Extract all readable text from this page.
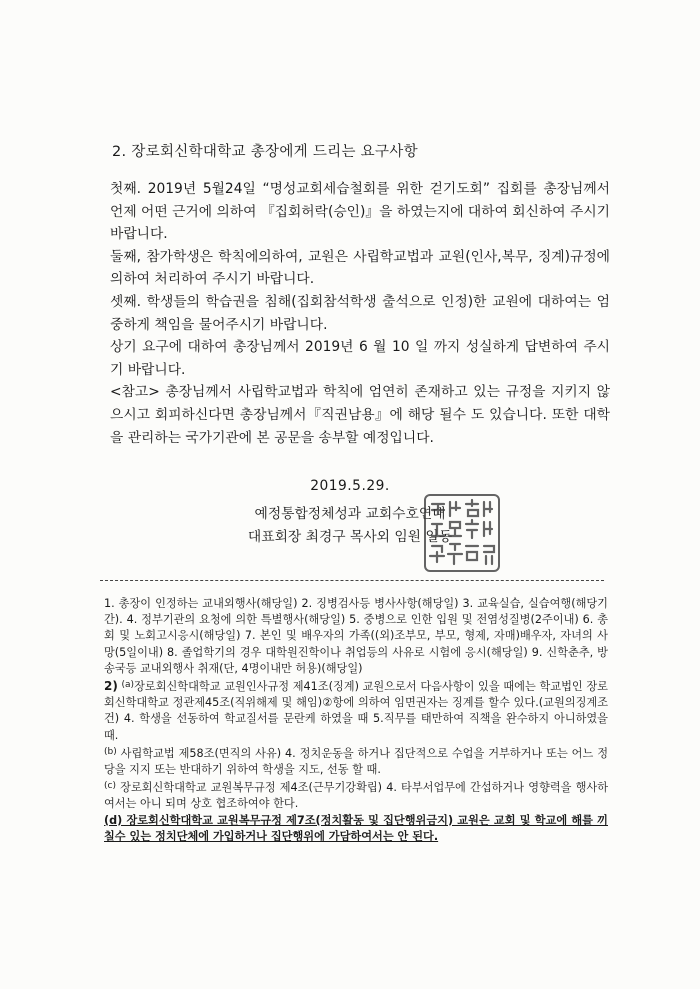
2. 장로회신학대학교 총장에게 드리는 요구사항

첫째. 2019년 5월24일 “명성교회세습철회를 위한 걷기도회” 집회를 총장님께서 언제 어떤 근거에 의하여 『집회허락(승인)』을 하였는지에 대하여 회신하여 주시기 바랍니다.

둘째, 참가학생은 학칙에의하여, 교원은 사립학교법과 교원(인사,복무, 징계)규정에 의하여 처리하여 주시기 바랍니다.

셋째. 학생들의 학습권을 침해(집회참석학생 출석으로 인정)한 교원에 대하여는 엄중하게 책임을 물어주시기 바랍니다.

상기 요구에 대하여 총장님께서 2019년 6 월 10 일 까지 성실하게 답변하여 주시기 바랍니다.

<참고> 총장님께서 사립학교법과 학칙에 엄연히 존재하고 있는 규정을 지키지 않으시고 회피하신다면 총장님께서『직권남용』에 해당 될수 도 있습니다. 또한 대학을 관리하는 국가기관에 본 공문을 송부할 예정입니다.

2019.5.29.
예정통합정체성과 교회수호연대
대표회장 최경구 목사외 임원 일동

1. 총장이 인정하는 교내외행사(해당일) 2. 징병검사등 병사사항(해당일) 3. 교육실습, 실습여행(해당기간). 4. 정부기관의 요청에 의한 특별행사(해당일) 5. 중병으로 인한 입원 및 전염성질병(2주이내) 6. 총회 및 노회고시응시(해당일) 7. 본인 및 배우자의 가족((외)조부모, 부모, 형제, 자매)배우자, 자녀의 사망(5일이내) 8. 졸업학기의 경우 대학원진학이나 취업등의 사유로 시험에 응시(해당일) 9. 신학춘추, 방송국등 교내외행사 취재(단, 4명이내만 허용)(해당일)

2) $^{(a)}$장로회신학대학교 교원인사규정 제41조(징계) 교원으로서 다음사항이 있을 때에는 학교법인 장로회신학대학교 정관제45조(직위해제 및 해임)②항에 의하여 임면권자는 징계를 할수 있다.(교원의징계조건) 4. 학생을 선동하여 학교질서를 문란케 하였을 때 5.직무를 태만하여 직책을 완수하지 아니하였을 때.

$^{(b)}$ 사립학교법 제58조(면직의 사유) 4. 정치운동을 하거나 집단적으로 수업을 거부하거나 또는 어느 정당을 지지 또는 반대하기 위하여 학생을 지도, 선동 할 때.

$^{(c)}$ 장로회신학대학교 교원복무규정 제4조(근무기강확립) 4. 타부서업무에 간섭하거나 영향력을 행사하여서는 아니 되며 상호 협조하여야 한다.

(d) 장로회신학대학교 교원복무규정 제7조(정치활동 및 집단행위금지) 교원은 교회 및 학교에 해를 끼칠수 있는 정치단체에 가입하거나 집단행위에 가담하여서는 안 된다.
